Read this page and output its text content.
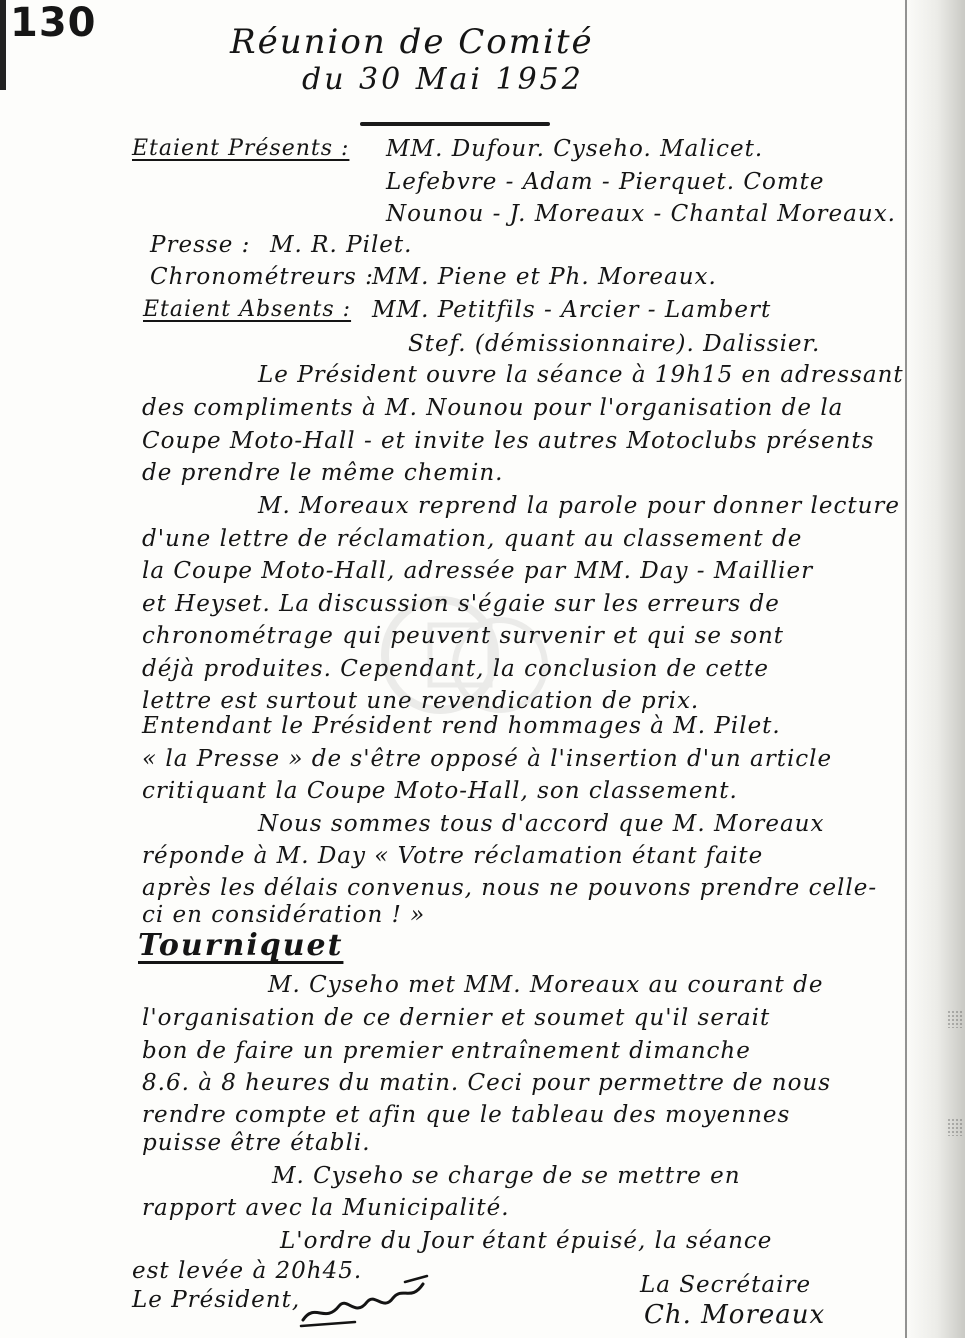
130	Réunion de Comité
du 30 Mai 1952
Etaient Présents : MM. Dufour. Cyseho. Malicet.
Lefebvre - Adam - Pierquet. Comte
Nounou - J. Moreaux - Chantal Moreaux.
Presse : M. R. Pilet.
Chronométreurs :
MM. Piene et Ph. Moreaux.
Etaient Absents : MM. Petitfils - Arcier - Lambert
Stef. (démissionnaire). Dalissier.
Le Président ouvre la séance à 19h15 en adressant
des compliments à M. Nounou pour l'organisation de la
Coupe Moto-Hall - et invite les autres Motoclubs présents
de prendre le même chemin.
M. Moreaux reprend la parole pour donner lecture
d'une lettre de réclamation, quant au classement de
la Coupe Moto-Hall, adressée par MM. Day - Maillier
et Heyset. La discussion s'égaie sur les erreurs de
chronométrage qui peuvent survenir et qui se sont
déjà produites. Cependant, la conclusion de cette
lettre est surtout une revendication de prix.
Entendant le Président rend hommages à M. Pilet.
« la Presse » de s'être opposé à l'insertion d'un article
critiquant la Coupe Moto-Hall, son classement.
Nous sommes tous d'accord que M. Moreaux
réponde à M. Day « Votre réclamation étant faite
après les délais convenus, nous ne pouvons prendre celle-
ci en considération ! »
Tourniquet
M. Cyseho met MM. Moreaux au courant de
l'organisation de ce dernier et soumet qu'il serait
bon de faire un premier entraînement dimanche
8.6. à 8 heures du matin. Ceci pour permettre de nous
rendre compte et afin que le tableau des moyennes
puisse être établi.
M. Cyseho se charge de se mettre en
rapport avec la Municipalité.
L'ordre du Jour étant épuisé, la séance
est levée à 20h45.
Le Président,
La Secrétaire
Ch. Moreaux
